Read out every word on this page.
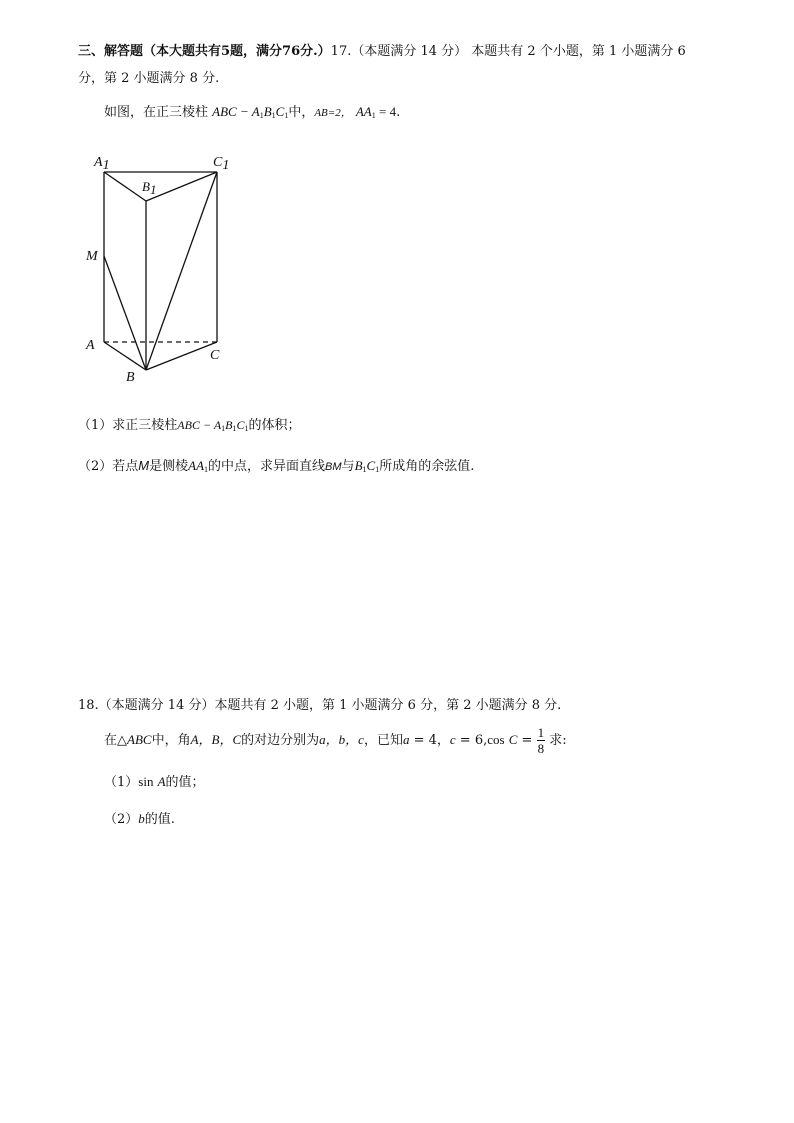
三、解答题（本大题共有5题，满分76分.）17.（本题满分 14 分） 本题共有 2 个小题，第 1 小题满分 6
分，第 2 小题满分 8 分.
如图，在正三棱柱 ABC − $A_1B_1C_1$中，AB=2， $AA_1 = 4$.
A1	C1
B1
M
A
C
B
（1）求正三棱柱ABC − $A_1B_1C_1$的体积；
（2）若点M是侧棱$AA_1$的中点，求异面直线BM与$B_1C_1$所成角的余弦值.
18.（本题满分 14 分）本题共有 2 小题，第 1 小题满分 6 分，第 2 小题满分 8 分.
在△ABC中，角A，B，C的对边分别为a，b，c，已知a = 4，c = 6,cos $C = \frac{1}{8}$ 求:
（1）sin A的值；
（2）b的值.
